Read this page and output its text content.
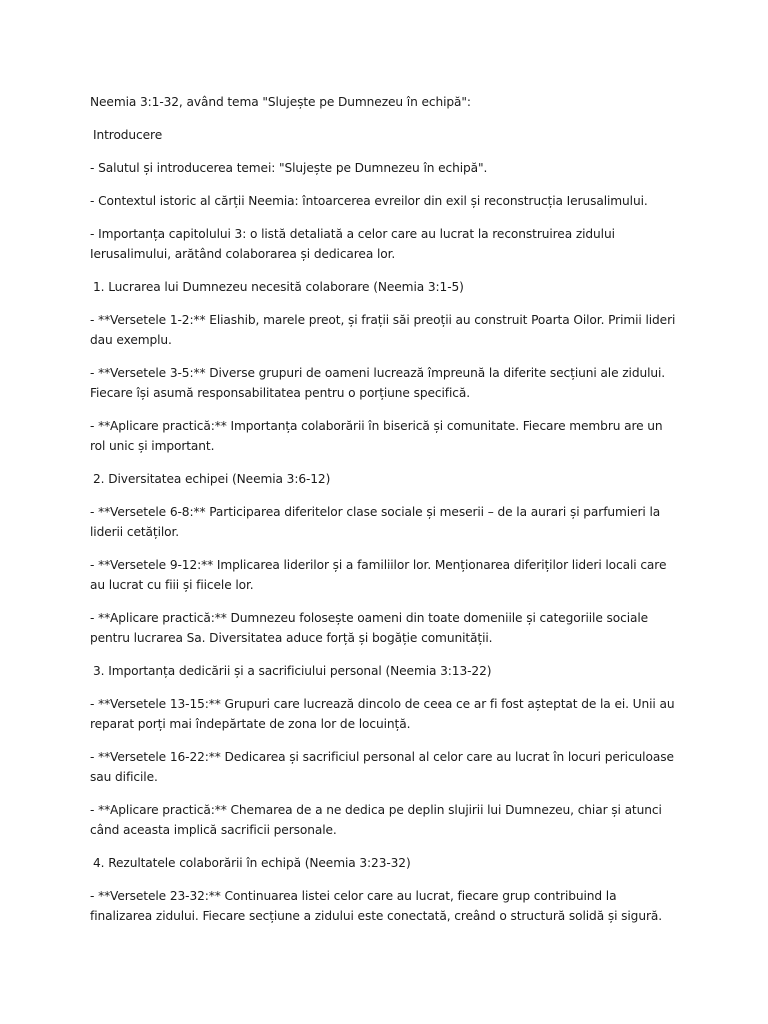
Neemia 3:1-32, având tema "Slujește pe Dumnezeu în echipă":

Introducere

- Salutul și introducerea temei: "Slujește pe Dumnezeu în echipă".

- Contextul istoric al cărții Neemia: întoarcerea evreilor din exil și reconstrucția Ierusalimului.

- Importanța capitolului 3: o listă detaliată a celor care au lucrat la reconstruirea zidului Ierusalimului, arătând colaborarea și dedicarea lor.

1. Lucrarea lui Dumnezeu necesită colaborare (Neemia 3:1-5)

- **Versetele 1-2:** Eliashib, marele preot, și frații săi preoții au construit Poarta Oilor. Primii lideri dau exemplu.

- **Versetele 3-5:** Diverse grupuri de oameni lucrează împreună la diferite secțiuni ale zidului. Fiecare își asumă responsabilitatea pentru o porțiune specifică.

- **Aplicare practică:** Importanța colaborării în biserică și comunitate. Fiecare membru are un rol unic și important.

2. Diversitatea echipei (Neemia 3:6-12)

- **Versetele 6-8:** Participarea diferitelor clase sociale și meserii – de la aurari și parfumieri la liderii cetăților.

- **Versetele 9-12:** Implicarea liderilor și a familiilor lor. Menționarea diferiților lideri locali care au lucrat cu fiii și fiicele lor.

- **Aplicare practică:** Dumnezeu folosește oameni din toate domeniile și categoriile sociale pentru lucrarea Sa. Diversitatea aduce forță și bogăție comunității.

3. Importanța dedicării și a sacrificiului personal (Neemia 3:13-22)

- **Versetele 13-15:** Grupuri care lucrează dincolo de ceea ce ar fi fost așteptat de la ei. Unii au reparat porți mai îndepărtate de zona lor de locuință.

- **Versetele 16-22:** Dedicarea și sacrificiul personal al celor care au lucrat în locuri periculoase sau dificile.

- **Aplicare practică:** Chemarea de a ne dedica pe deplin slujirii lui Dumnezeu, chiar și atunci când aceasta implică sacrificii personale.

4. Rezultatele colaborării în echipă (Neemia 3:23-32)

- **Versetele 23-32:** Continuarea listei celor care au lucrat, fiecare grup contribuind la finalizarea zidului. Fiecare secțiune a zidului este conectată, creând o structură solidă și sigură.
